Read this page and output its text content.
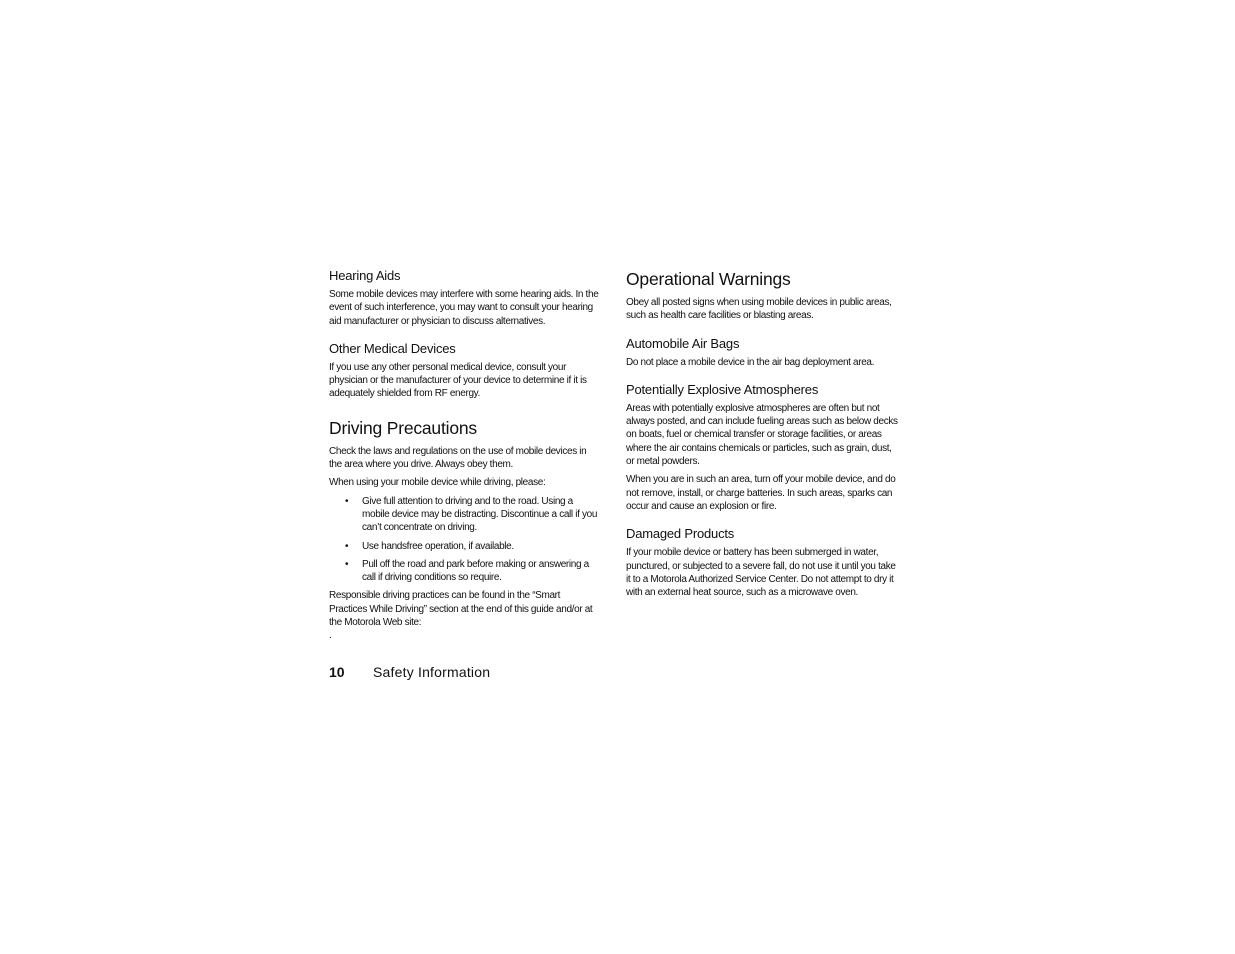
Hearing Aids
Some mobile devices may interfere with some hearing aids. In the event of such interference, you may want to consult your hearing aid manufacturer or physician to discuss alternatives.
Other Medical Devices
If you use any other personal medical device, consult your physician or the manufacturer of your device to determine if it is adequately shielded from RF energy.
Driving Precautions
Check the laws and regulations on the use of mobile devices in the area where you drive. Always obey them.
When using your mobile device while driving, please:
• Give full attention to driving and to the road. Using a mobile device may be distracting. Discontinue a call if you can’t concentrate on driving.
• Use handsfree operation, if available.
• Pull off the road and park before making or answering a call if driving conditions so require.
Responsible driving practices can be found in the “Smart Practices While Driving” section at the end of this guide and/or at the Motorola Web site:.
Operational Warnings
Obey all posted signs when using mobile devices in public areas, such as health care facilities or blasting areas.
Automobile Air Bags
Do not place a mobile device in the air bag deployment area.
Potentially Explosive Atmospheres
Areas with potentially explosive atmospheres are often but not always posted, and can include fueling areas such as below decks on boats, fuel or chemical transfer or storage facilities, or areas where the air contains chemicals or particles, such as grain, dust, or metal powders.
When you are in such an area, turn off your mobile device, and do not remove, install, or charge batteries. In such areas, sparks can occur and cause an explosion or fire.
Damaged Products
If your mobile device or battery has been submerged in water, punctured, or subjected to a severe fall, do not use it until you take it to a Motorola Authorized Service Center. Do not attempt to dry it with an external heat source, such as a microwave oven.
10 Safety Information
